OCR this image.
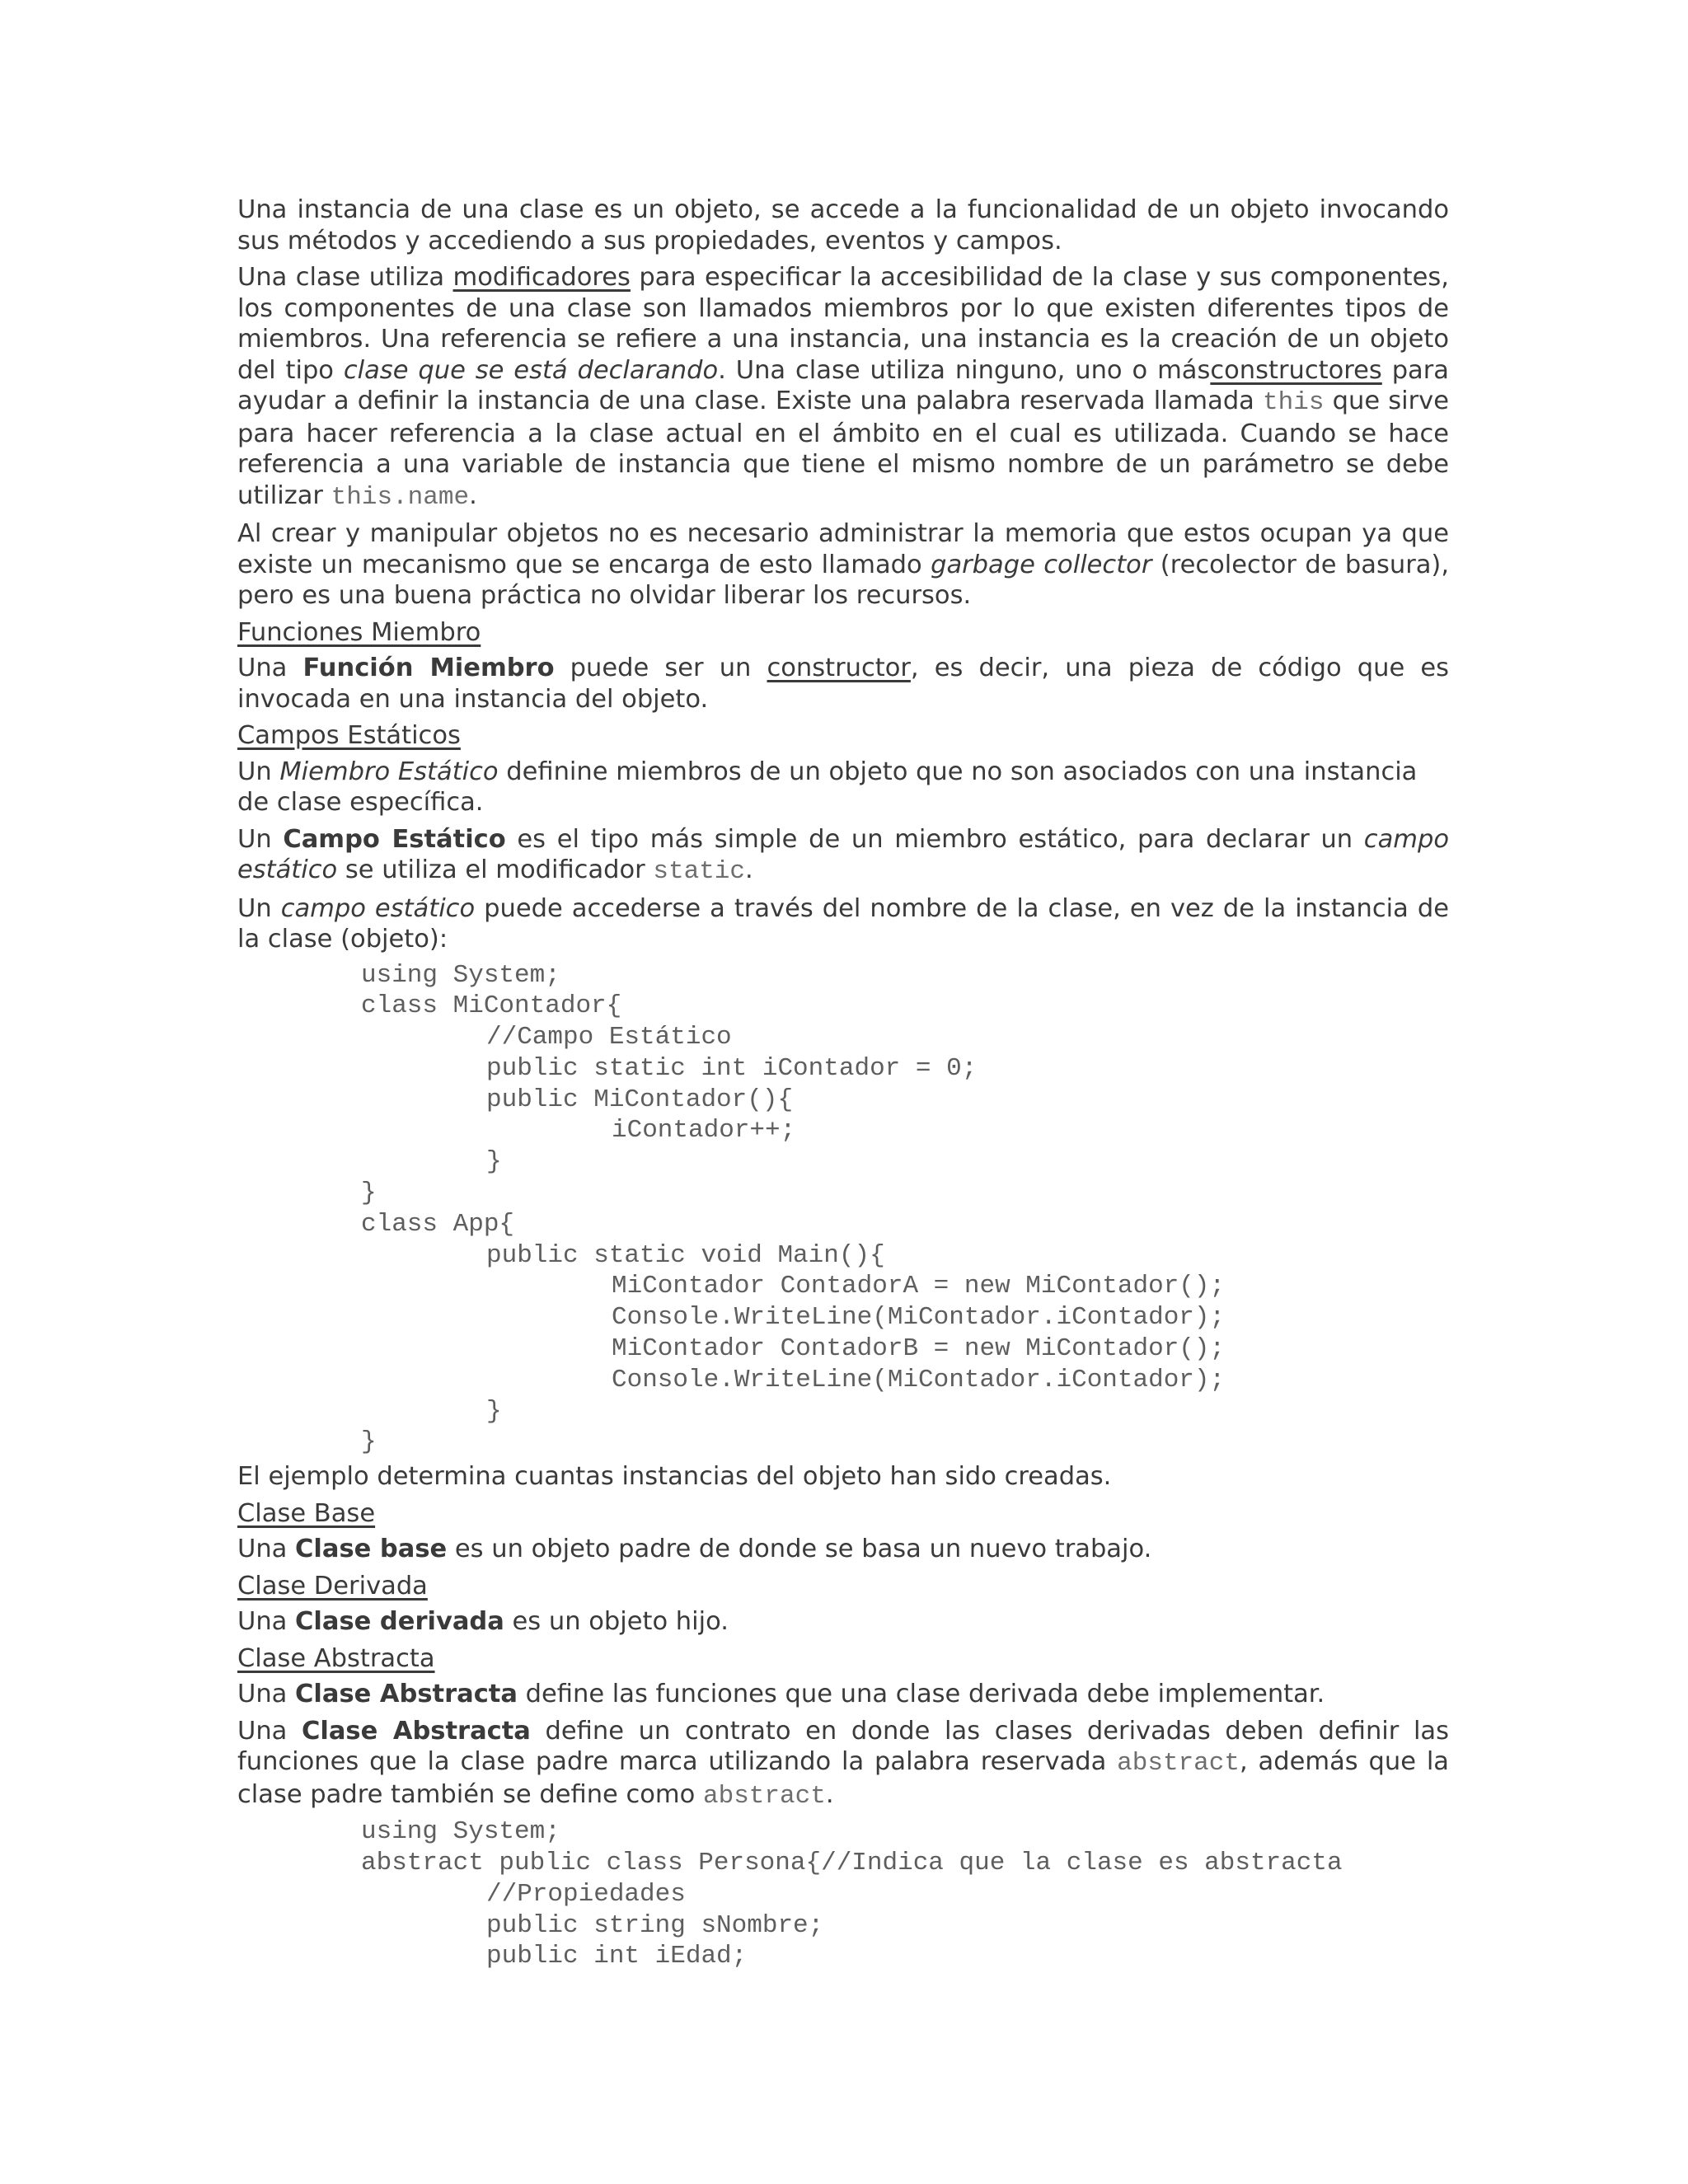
Una instancia de una clase es un objeto, se accede a la funcionalidad de un objeto invocando sus métodos y accediendo a sus propiedades, eventos y campos.

Una clase utiliza modificadores para especificar la accesibilidad de la clase y sus componentes, los componentes de una clase son llamados miembros por lo que existen diferentes tipos de miembros. Una referencia se refiere a una instancia, una instancia es la creación de un objeto del tipo clase que se está declarando. Una clase utiliza ninguno, uno o másconstructores para ayudar a definir la instancia de una clase. Existe una palabra reservada llamada this que sirve para hacer referencia a la clase actual en el ámbito en el cual es utilizada. Cuando se hace referencia a una variable de instancia que tiene el mismo nombre de un parámetro se debe utilizar this.name.

Al crear y manipular objetos no es necesario administrar la memoria que estos ocupan ya que existe un mecanismo que se encarga de esto llamado garbage collector (recolector de basura), pero es una buena práctica no olvidar liberar los recursos.

Funciones Miembro

Una Función Miembro puede ser un constructor, es decir, una pieza de código que es invocada en una instancia del objeto.

Campos Estáticos

Un Miembro Estático definine miembros de un objeto que no son asociados con una instancia de clase específica.

Un Campo Estático es el tipo más simple de un miembro estático, para declarar un campo estático se utiliza el modificador static.

Un campo estático puede accederse a través del nombre de la clase, en vez de la instancia de la clase (objeto):

using System;
class MiContador{
//Campo Estático
public static int iContador = 0;
public MiContador(){
iContador++;
}
}
class App{
public static void Main(){
MiContador ContadorA = new MiContador();
Console.WriteLine(MiContador.iContador);
MiContador ContadorB = new MiContador();
Console.WriteLine(MiContador.iContador);
}
}

El ejemplo determina cuantas instancias del objeto han sido creadas.

Clase Base

Una Clase base es un objeto padre de donde se basa un nuevo trabajo.

Clase Derivada

Una Clase derivada es un objeto hijo.

Clase Abstracta

Una Clase Abstracta define las funciones que una clase derivada debe implementar.

Una Clase Abstracta define un contrato en donde las clases derivadas deben definir las funciones que la clase padre marca utilizando la palabra reservada abstract, además que la clase padre también se define como abstract.

using System;
abstract public class Persona{//Indica que la clase es abstracta
//Propiedades
public string sNombre;
public int iEdad;
